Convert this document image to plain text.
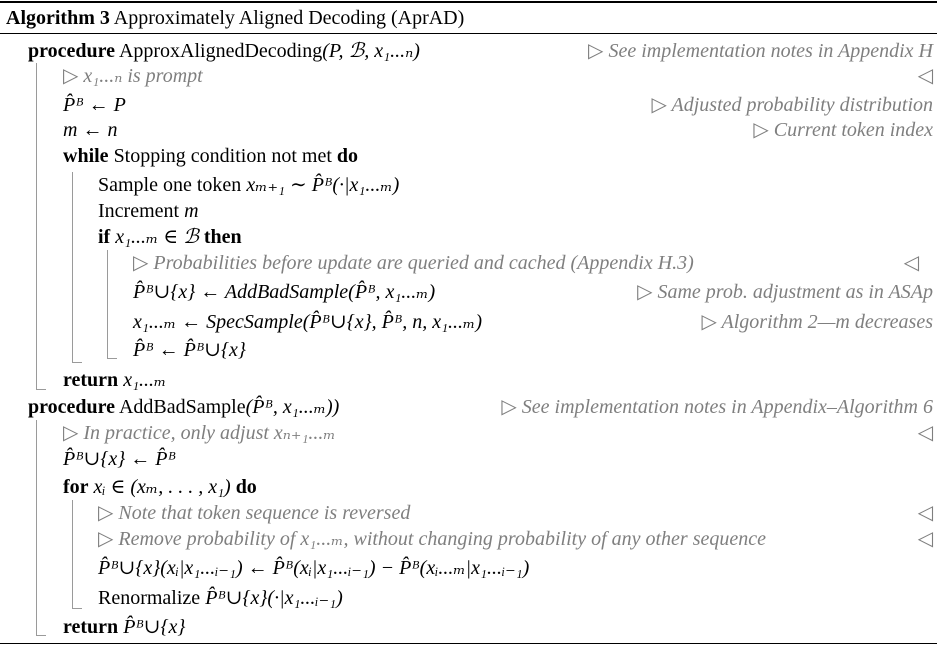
Algorithm 3 Approximately Aligned Decoding (AprAD)
procedure ApproxAlignedDecoding(P, ℬ, x₁...ₙ)	▷ See implementation notes in Appendix H
▷ x₁...ₙ is prompt	◁
P̂ᴮ ← P	▷ Adjusted probability distribution
m ← n	▷ Current token index
while Stopping condition not met do
Sample one token xₘ₊₁ ∼ P̂ᴮ(·|x₁...ₘ)
Increment m
if x₁...ₘ ∈ ℬ then
▷ Probabilities before update are queried and cached (Appendix H.3)	◁
P̂ᴮ∪{x} ← AddBadSample(P̂ᴮ, x₁...ₘ)	▷ Same prob. adjustment as in ASAp
x₁...ₘ ← SpecSample(P̂ᴮ∪{x}, P̂ᴮ, n, x₁...ₘ)	▷ Algorithm 2—m decreases
P̂ᴮ ← P̂ᴮ∪{x}
return x₁...ₘ
procedure AddBadSample(P̂ᴮ, x₁...ₘ))	▷ See implementation notes in Appendix–Algorithm 6
▷ In practice, only adjust xₙ₊₁...ₘ	◁
P̂ᴮ∪{x} ← P̂ᴮ
for xᵢ ∈ (xₘ, . . . , x₁) do
▷ Note that token sequence is reversed	◁
▷ Remove probability of x₁...ₘ, without changing probability of any other sequence	◁
P̂ᴮ∪{x}(xᵢ|x₁...ᵢ₋₁) ← P̂ᴮ(xᵢ|x₁...ᵢ₋₁) − P̂ᴮ(xᵢ...ₘ|x₁...ᵢ₋₁)
Renormalize P̂ᴮ∪{x}(·|x₁...ᵢ₋₁)
return P̂ᴮ∪{x}
